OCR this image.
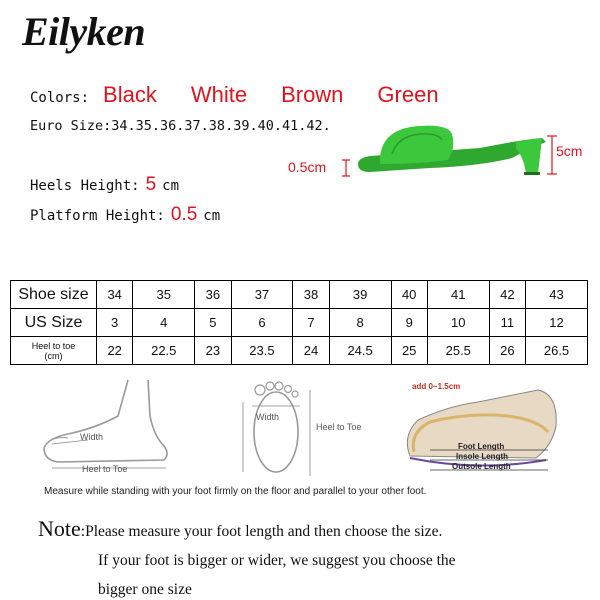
Eilyken
Colors: Black White Brown Green
Euro Size:34.35.36.37.38.39.40.41.42.
Heels Height: 5 cm
Platform Height: 0.5 cm
0.5cm
5cm
Shoe size	34	35	36	37	38	39	40	41	42	43
US Size	3	4	5	6	7	8	9	10	11	12

Heel to toe
(cm)	22	22.5	23	23.5	24	24.5	25	25.5	26	26.5
Width
Heel to Toe
Width
Heel to Toe
add 0~1.5cm
Foot Length
Insole Length
Outsole Length
Measure while standing with your foot firmly on the floor and parallel to your other foot.
Note:Please measure your foot length and then choose the size.
If your foot is bigger or wider, we suggest you choose the
bigger one size
